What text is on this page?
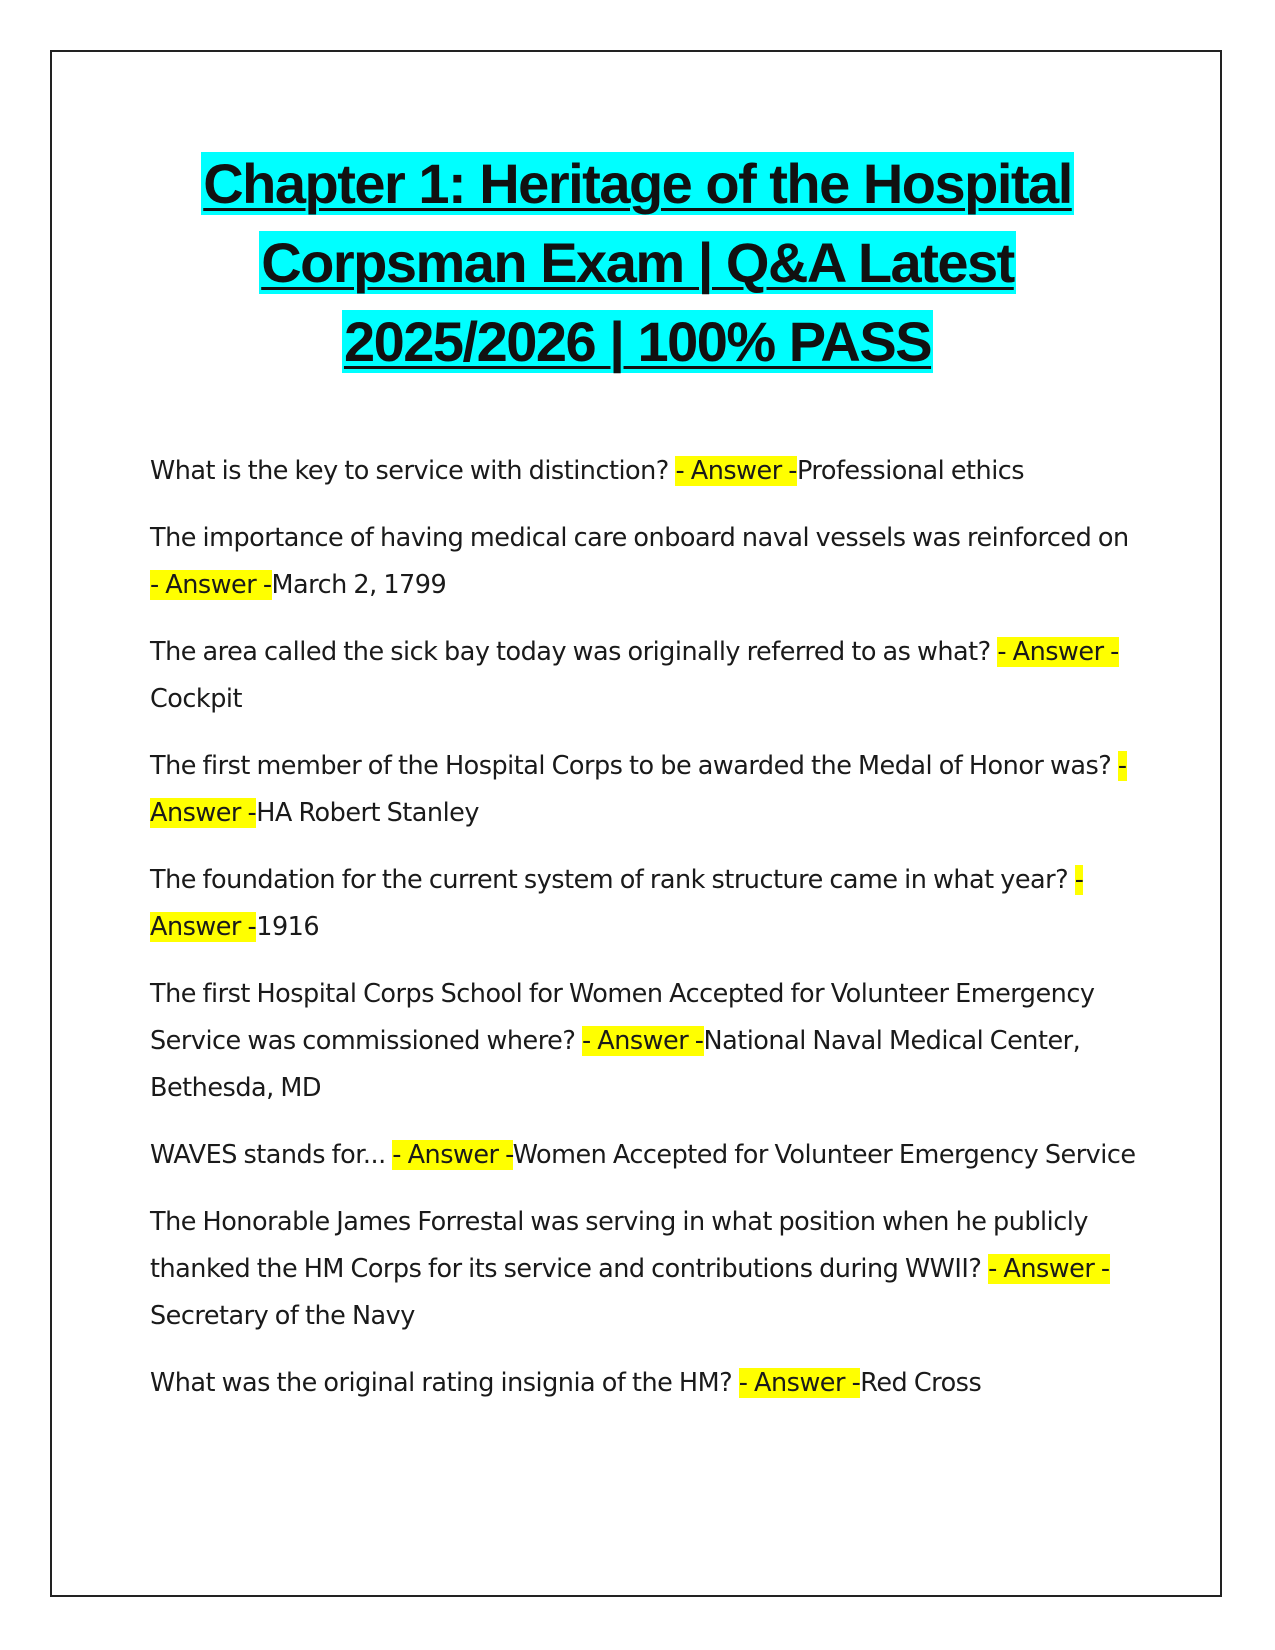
Chapter 1: Heritage of the Hospital
Corpsman Exam | Q&A Latest
2025/2026 | 100% PASS

What is the key to service with distinction? - Answer -Professional ethics

The importance of having medical care onboard naval vessels was reinforced on - Answer -March 2, 1799

The area called the sick bay today was originally referred to as what? - Answer -Cockpit

The first member of the Hospital Corps to be awarded the Medal of Honor was? - Answer -HA Robert Stanley

The foundation for the current system of rank structure came in what year? - Answer -1916

The first Hospital Corps School for Women Accepted for Volunteer Emergency Service was commissioned where? - Answer -National Naval Medical Center, Bethesda, MD

WAVES stands for... - Answer -Women Accepted for Volunteer Emergency Service

The Honorable James Forrestal was serving in what position when he publicly thanked the HM Corps for its service and contributions during WWII? - Answer -Secretary of the Navy

What was the original rating insignia of the HM? - Answer -Red Cross
